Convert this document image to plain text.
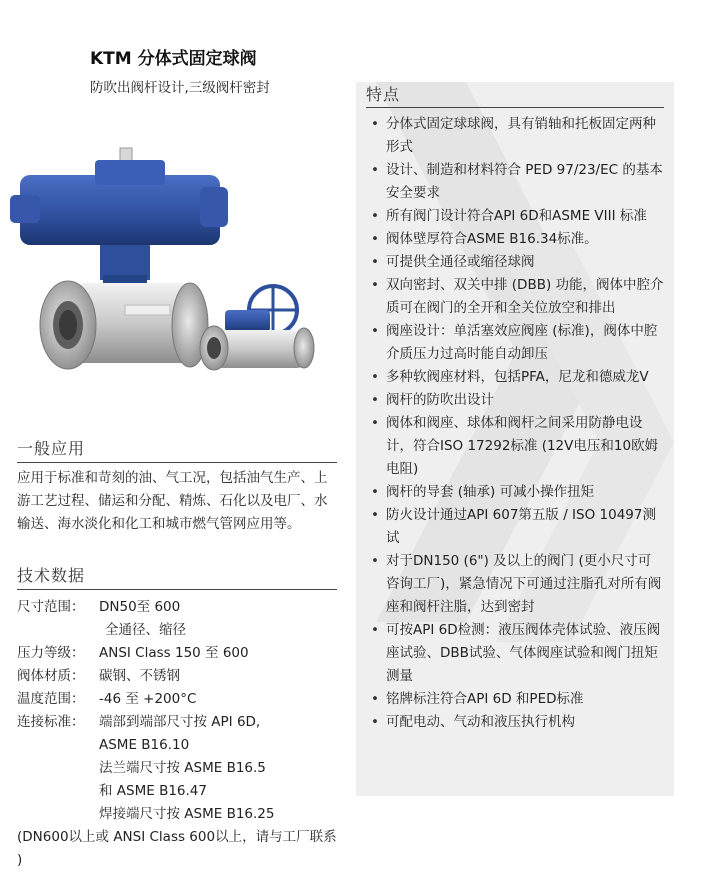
KTM 分体式固定球阀
防吹出阀杆设计,三级阀杆密封
一般应用
应用于标准和苛刻的油、气工况，包括油气生产、上游工艺过程、储运和分配、精炼、石化以及电厂、水输送、海水淡化和化工和城市燃气管网应用等。
技术数据
尺寸范围：	DN50至 600
全通径、缩径
压力等级：	ANSI Class 150 至 600
阀体材质：	碳钢、不锈钢
温度范围：	-46 至 +200°C
连接标准：	端部到端部尺寸按 API 6D,
ASME B16.10
法兰端尺寸按 ASME B16.5
和 ASME B16.47
焊接端尺寸按 ASME B16.25
(DN600以上或 ANSI Class 600以上，请与工厂联系 )
特点
• 分体式固定球球阀，具有销轴和托板固定两种形式
• 设计、制造和材料符合 PED 97/23/EC 的基本安全要求
• 所有阀门设计符合API 6D和ASME VIII 标准
• 阀体壁厚符合ASME B16.34标准。
• 可提供全通径或缩径球阀
• 双向密封、双关中排 (DBB) 功能，阀体中腔介质可在阀门的全开和全关位放空和排出
• 阀座设计：单活塞效应阀座 (标准)，阀体中腔介质压力过高时能自动卸压
• 多种软阀座材料，包括PFA，尼龙和德威龙V
• 阀杆的防吹出设计
• 阀体和阀座、球体和阀杆之间采用防静电设计，符合ISO 17292标准 (12V电压和10欧姆电阻)
• 阀杆的导套 (轴承) 可减小操作扭矩
• 防火设计通过API 607第五版 / ISO 10497测试
• 对于DN150 (6") 及以上的阀门 (更小尺寸可咨询工厂)，紧急情况下可通过注脂孔对所有阀座和阀杆注脂，达到密封
• 可按API 6D检测：液压阀体壳体试验、液压阀座试验、DBB试验、气体阀座试验和阀门扭矩测量
• 铭牌标注符合API 6D 和PED标准
• 可配电动、气动和液压执行机构
